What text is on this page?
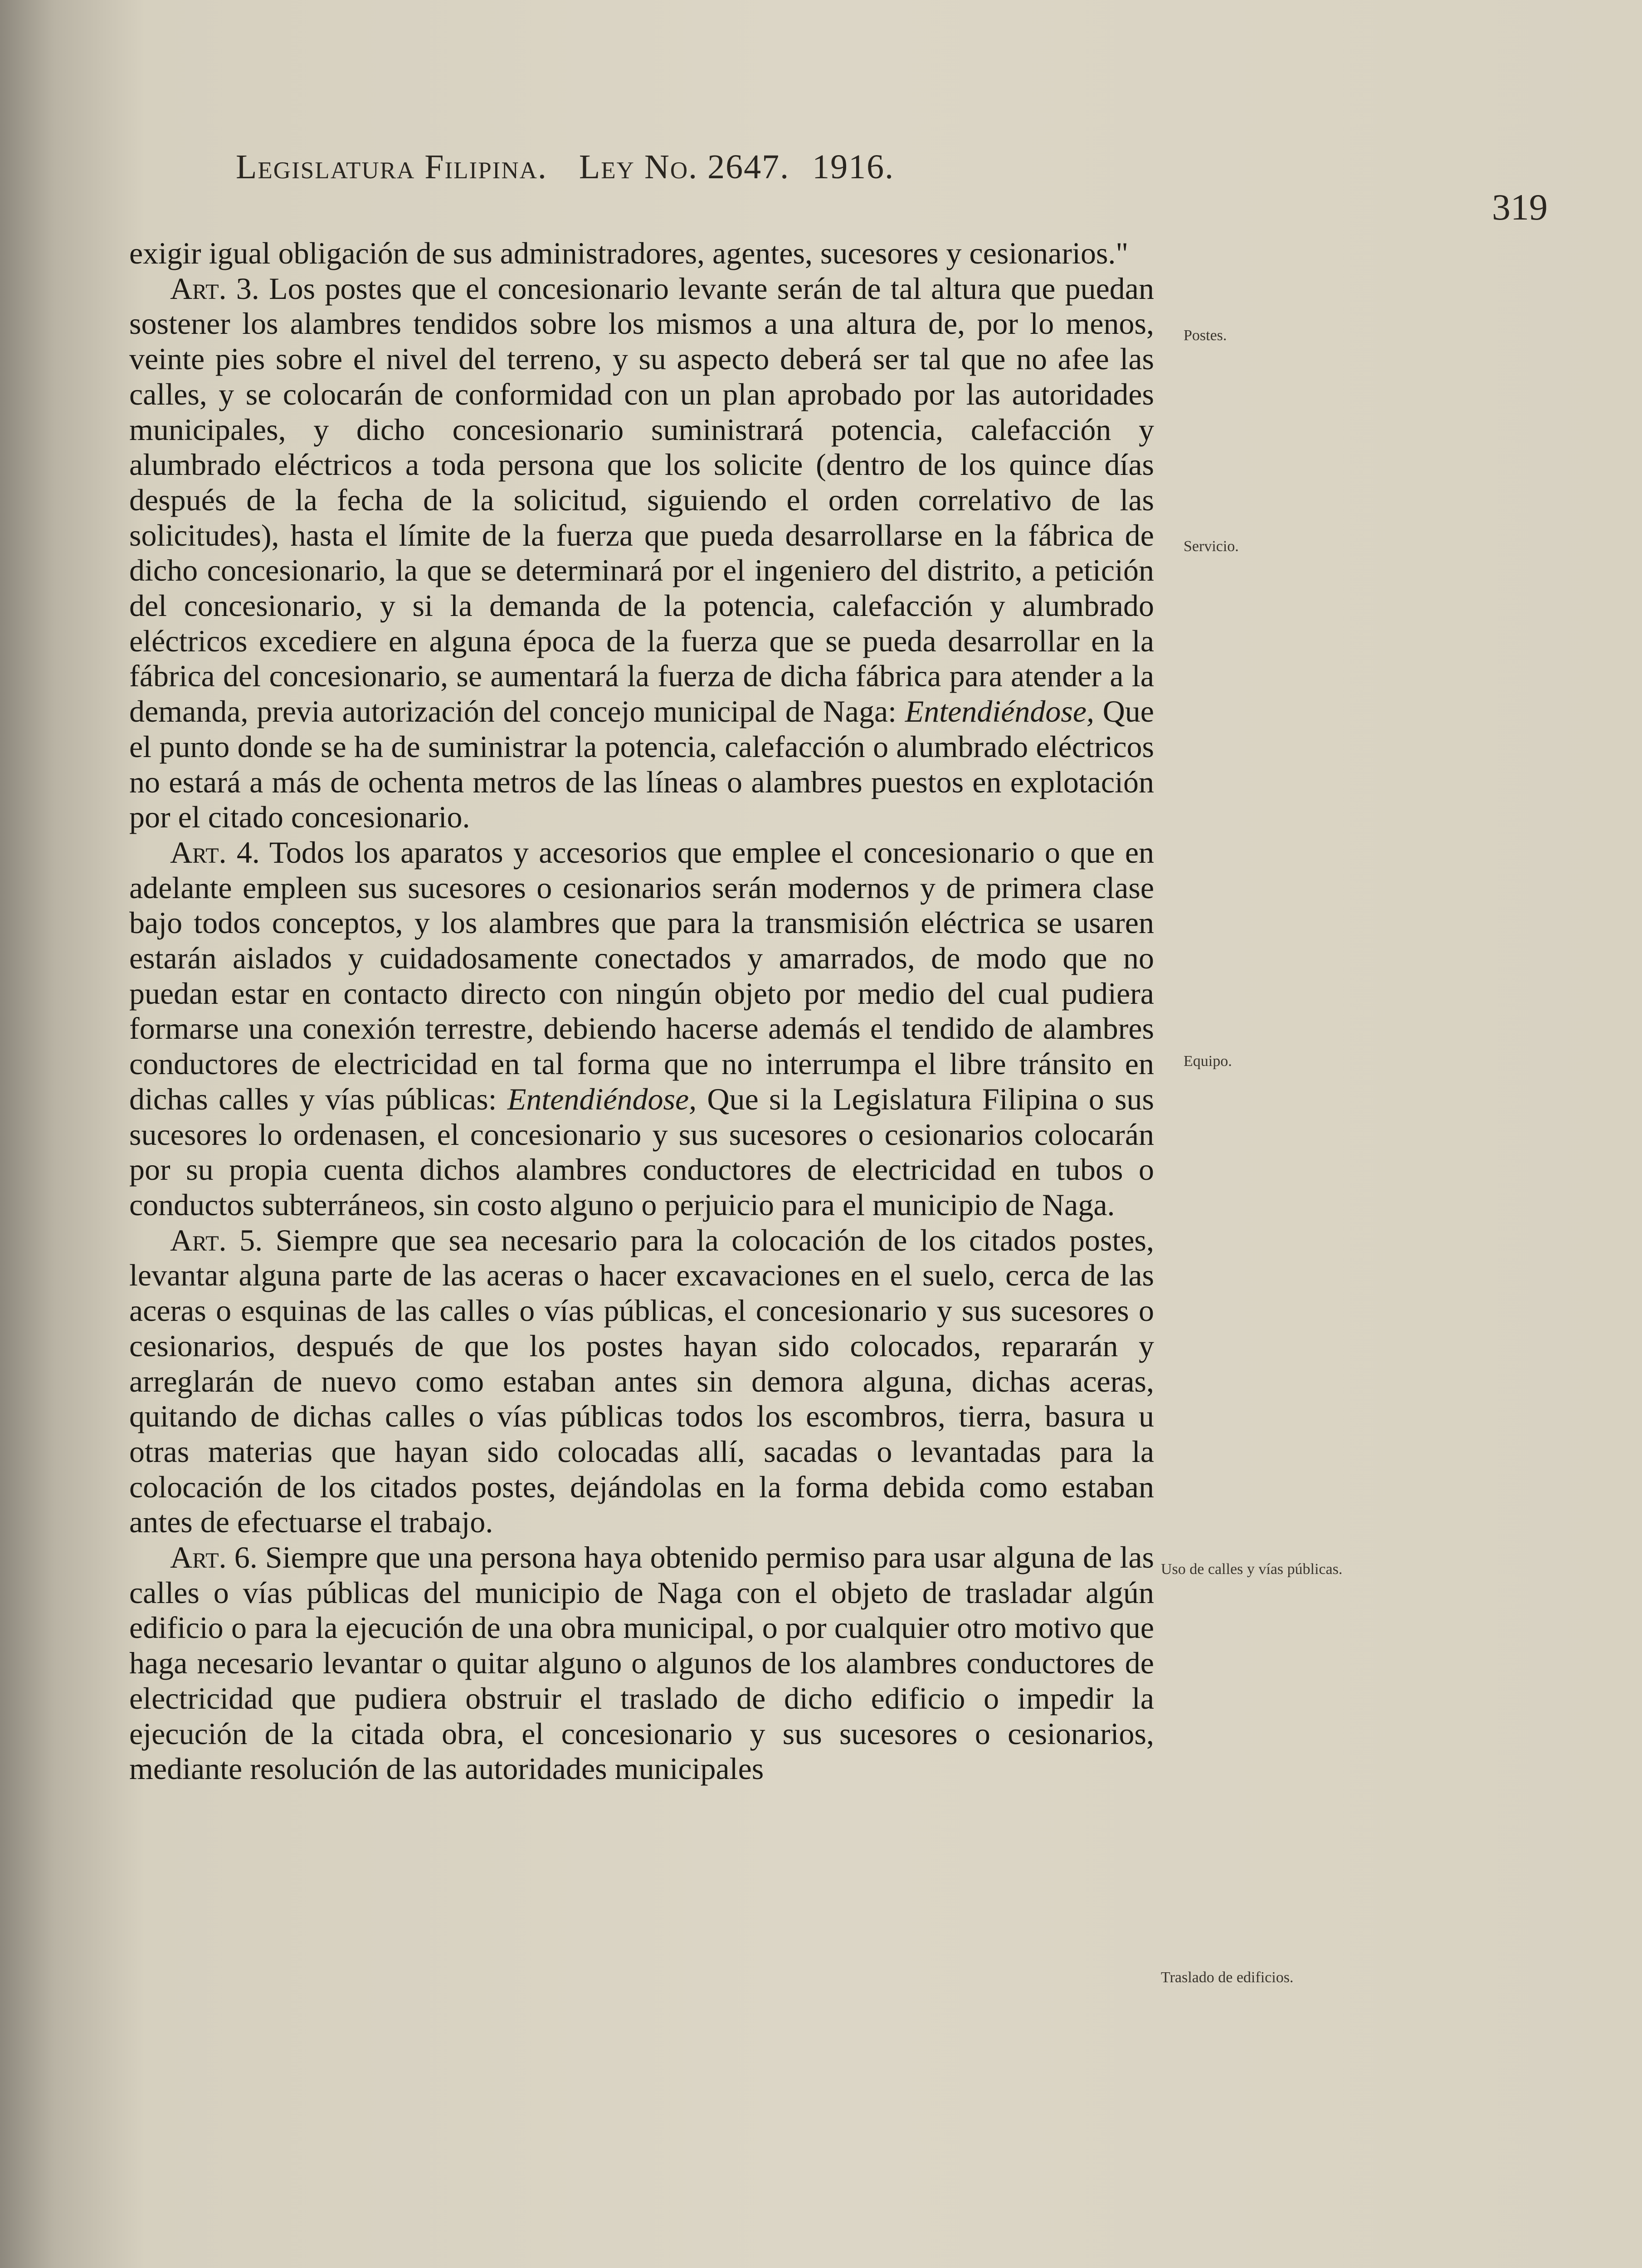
Legislatura Filipina. Ley No. 2647. 1916.
319

exigir igual obligación de sus administradores, agentes, sucesores y cesionarios."

Art. 3. Los postes que el concesionario levante serán de tal altura que puedan sostener los alambres tendidos sobre los mismos a una altura de, por lo menos, veinte pies sobre el nivel del terreno, y su aspecto deberá ser tal que no afee las calles, y se colocarán de conformidad con un plan aprobado por las autoridades municipales, y dicho concesionario suministrará potencia, calefacción y alumbrado eléctricos a toda persona que los solicite (dentro de los quince días después de la fecha de la solicitud, siguiendo el orden correlativo de las solicitudes), hasta el límite de la fuerza que pueda desarrollarse en la fábrica de dicho concesionario, la que se determinará por el ingeniero del distrito, a petición del concesionario, y si la demanda de la potencia, calefacción y alumbrado eléctricos excediere en alguna época de la fuerza que se pueda desarrollar en la fábrica del concesionario, se aumentará la fuerza de dicha fábrica para atender a la demanda, previa autorización del concejo municipal de Naga: Entendiéndose, Que el punto donde se ha de suministrar la potencia, calefacción o alumbrado eléctricos no estará a más de ochenta metros de las líneas o alambres puestos en explotación por el citado concesionario.

Art. 4. Todos los aparatos y accesorios que emplee el concesionario o que en adelante empleen sus sucesores o cesionarios serán modernos y de primera clase bajo todos conceptos, y los alambres que para la transmisión eléctrica se usaren estarán aislados y cuidadosamente conectados y amarrados, de modo que no puedan estar en contacto directo con ningún objeto por medio del cual pudiera formarse una conexión terrestre, debiendo hacerse además el tendido de alambres conductores de electricidad en tal forma que no interrumpa el libre tránsito en dichas calles y vías públicas: Entendiéndose, Que si la Legislatura Filipina o sus sucesores lo ordenasen, el concesionario y sus sucesores o cesionarios colocarán por su propia cuenta dichos alambres conductores de electricidad en tubos o conductos subterráneos, sin costo alguno o perjuicio para el municipio de Naga.

Art. 5. Siempre que sea necesario para la colocación de los citados postes, levantar alguna parte de las aceras o hacer excavaciones en el suelo, cerca de las aceras o esquinas de las calles o vías públicas, el concesionario y sus sucesores o cesionarios, después de que los postes hayan sido colocados, repararán y arreglarán de nuevo como estaban antes sin demora alguna, dichas aceras, quitando de dichas calles o vías públicas todos los escombros, tierra, basura u otras materias que hayan sido colocadas allí, sacadas o levantadas para la colocación de los citados postes, dejándolas en la forma debida como estaban antes de efectuarse el trabajo.

Art. 6. Siempre que una persona haya obtenido permiso para usar alguna de las calles o vías públicas del municipio de Naga con el objeto de trasladar algún edificio o para la ejecución de una obra municipal, o por cualquier otro motivo que haga necesario levantar o quitar alguno o algunos de los alambres conductores de electricidad que pudiera obstruir el traslado de dicho edificio o impedir la ejecución de la citada obra, el concesionario y sus sucesores o cesionarios, mediante resolución de las autoridades municipales

Postes.
Servicio.
Equipo.
Uso de calles y vías públicas.
Traslado de edificios.
